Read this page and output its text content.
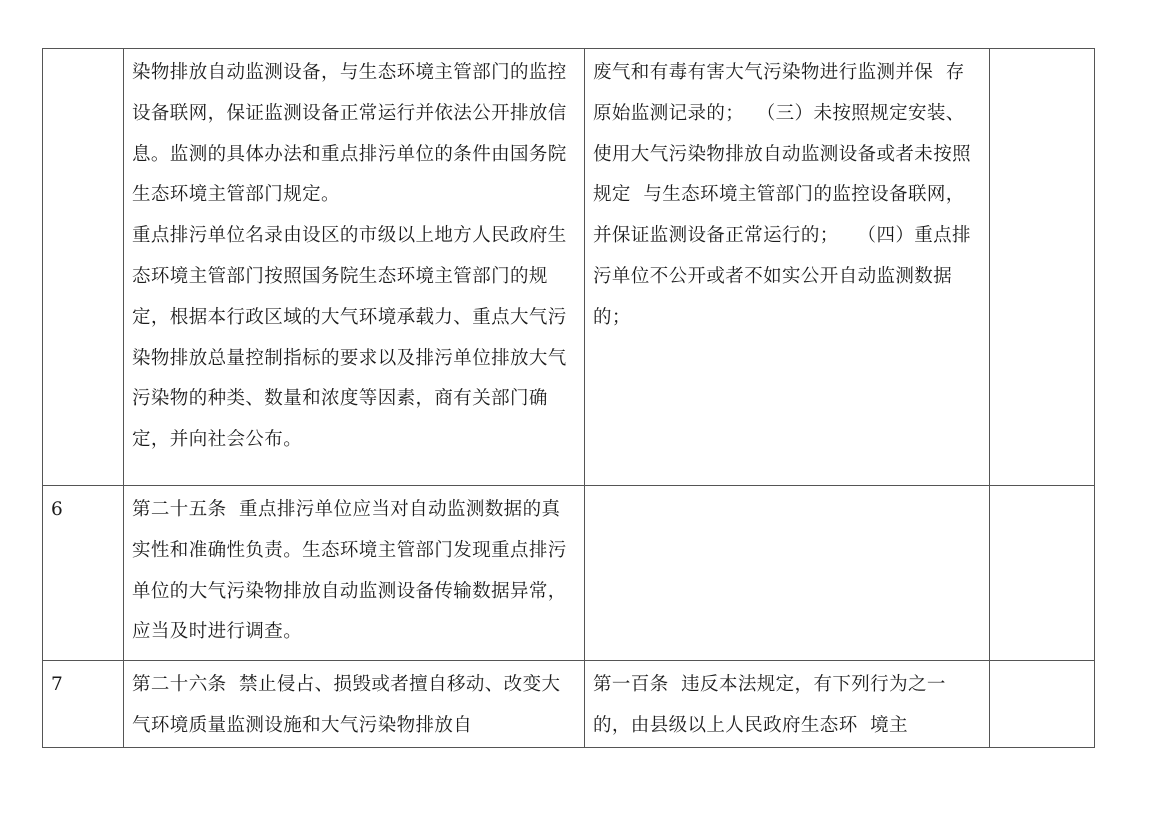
	染物排放自动监测设备，与生态环境主管部门的监控设备联网，保证监测设备正常运行并依法公开排放信息。监测的具体办法和重点排污单位的条件由国务院 生态环境主管部门规定。
重点排污单位名录由设区的市级以上地方人民政府生态环境主管部门按照国务院生态环境主管部门的规定，根据本行政区域的大气环境承载力、重点大气污染物排放总量控制指标的要求以及排污单位排放大气污染物的种类、数量和浓度等因素，商有关部门确定，并向社会公布。	废气和有毒有害大气污染物进行监测并保  存原始监测记录的；  （三）未按照规定安装、使用大气污染物排放自动监测设备或者未按照规定  与生态环境主管部门的监控设备联网，并保证监测设备正常运行的；   （四）重点排污单位不公开或者不如实公开自动监测数据的；	

6	第二十五条  重点排污单位应当对自动监测数据的真实性和准确性负责。生态环境主管部门发现重点排污单位的大气污染物排放自动监测设备传输数据异常，应当及时进行调查。		

7	第二十六条  禁止侵占、损毁或者擅自移动、改变大气环境质量监测设施和大气污染物排放自	第一百条  违反本法规定，有下列行为之一的，由县级以上人民政府生态环  境主	
